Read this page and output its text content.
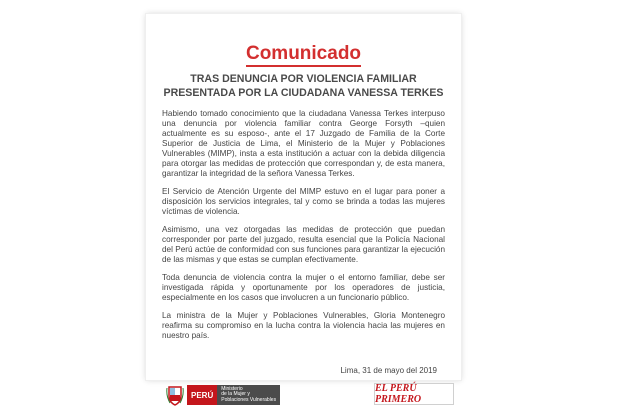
Comunicado
TRAS DENUNCIA POR VIOLENCIA FAMILIAR PRESENTADA POR LA CIUDADANA VANESSA TERKES

Habiendo tomado conocimiento que la ciudadana Vanessa Terkes interpuso una denuncia por violencia familiar contra George Forsyth –quien actualmente es su esposo-, ante el 17 Juzgado de Familia de la Corte Superior de Justicia de Lima, el Ministerio de la Mujer y Poblaciones Vulnerables (MIMP), insta a esta institución a actuar con la debida diligencia para otorgar las medidas de protección que correspondan y, de esta manera, garantizar la integridad de la señora Vanessa Terkes.

El Servicio de Atención Urgente del MIMP estuvo en el lugar para poner a disposición los servicios integrales, tal y como se brinda a todas las mujeres víctimas de violencia.

Asimismo, una vez otorgadas las medidas de protección que puedan corresponder por parte del juzgado, resulta esencial que la Policía Nacional del Perú actúe de conformidad con sus funciones para garantizar la ejecución de las mismas y que estas se cumplan efectivamente.

Toda denuncia de violencia contra la mujer o el entorno familiar, debe ser investigada rápida y oportunamente por los operadores de justicia, especialmente en los casos que involucren a un funcionario público.

La ministra de la Mujer y Poblaciones Vulnerables, Gloria Montenegro reafirma su compromiso en la lucha contra la violencia hacia las mujeres en nuestro país.

Lima, 31 de mayo del 2019
PERÚ
Ministerio
de la Mujer y
Poblaciones Vulnerables
EL PERÚ PRIMERO
